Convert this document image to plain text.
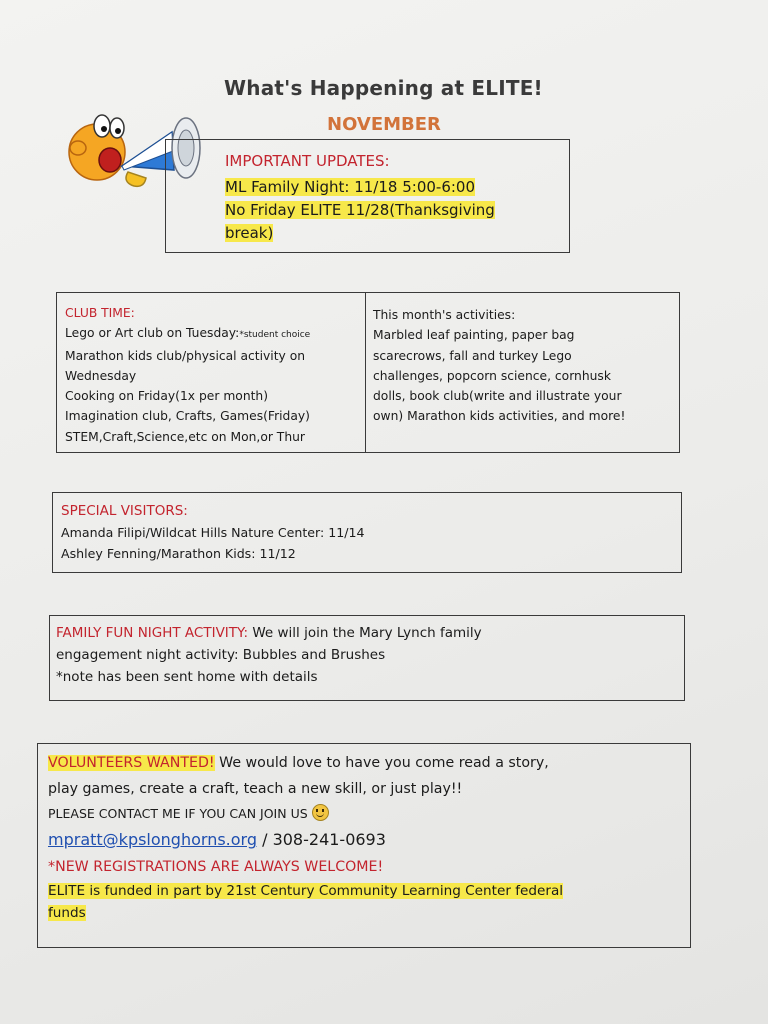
What's Happening at ELITE!
NOVEMBER
IMPORTANT UPDATES:
ML Family Night: 11/18 5:00-6:00
No Friday ELITE 11/28(Thanksgiving
break)
CLUB TIME:
Lego or Art club on Tuesday:*student choice
Marathon kids club/physical activity on
Wednesday
Cooking on Friday(1x per month)
Imagination club, Crafts, Games(Friday)
STEM,Craft,Science,etc on Mon,or Thur
This month's activities:
Marbled leaf painting, paper bag
scarecrows, fall and turkey Lego
challenges, popcorn science, cornhusk
dolls, book club(write and illustrate your
own) Marathon kids activities, and more!
SPECIAL VISITORS:
Amanda Filipi/Wildcat Hills Nature Center: 11/14
Ashley Fenning/Marathon Kids: 11/12
FAMILY FUN NIGHT ACTIVITY: We will join the Mary Lynch family
engagement night activity: Bubbles and Brushes
*note has been sent home with details
VOLUNTEERS WANTED! We would love to have you come read a story,
play games, create a craft, teach a new skill, or just play!!
PLEASE CONTACT ME IF YOU CAN JOIN US
mpratt@kpslonghorns.org / 308-241-0693
*NEW REGISTRATIONS ARE ALWAYS WELCOME!
ELITE is funded in part by 21st Century Community Learning Center federal
funds
